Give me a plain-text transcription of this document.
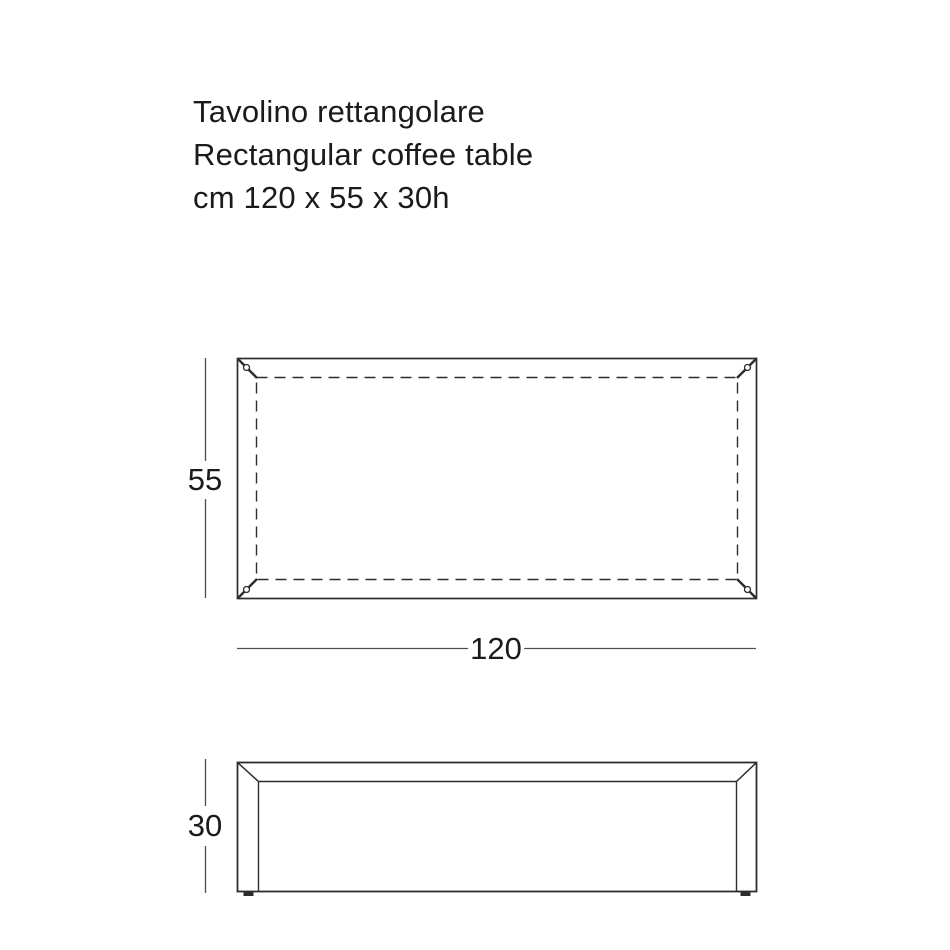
Tavolino rettangolare
Rectangular coffee table
cm 120 x 55 x 30h
55
120
30
